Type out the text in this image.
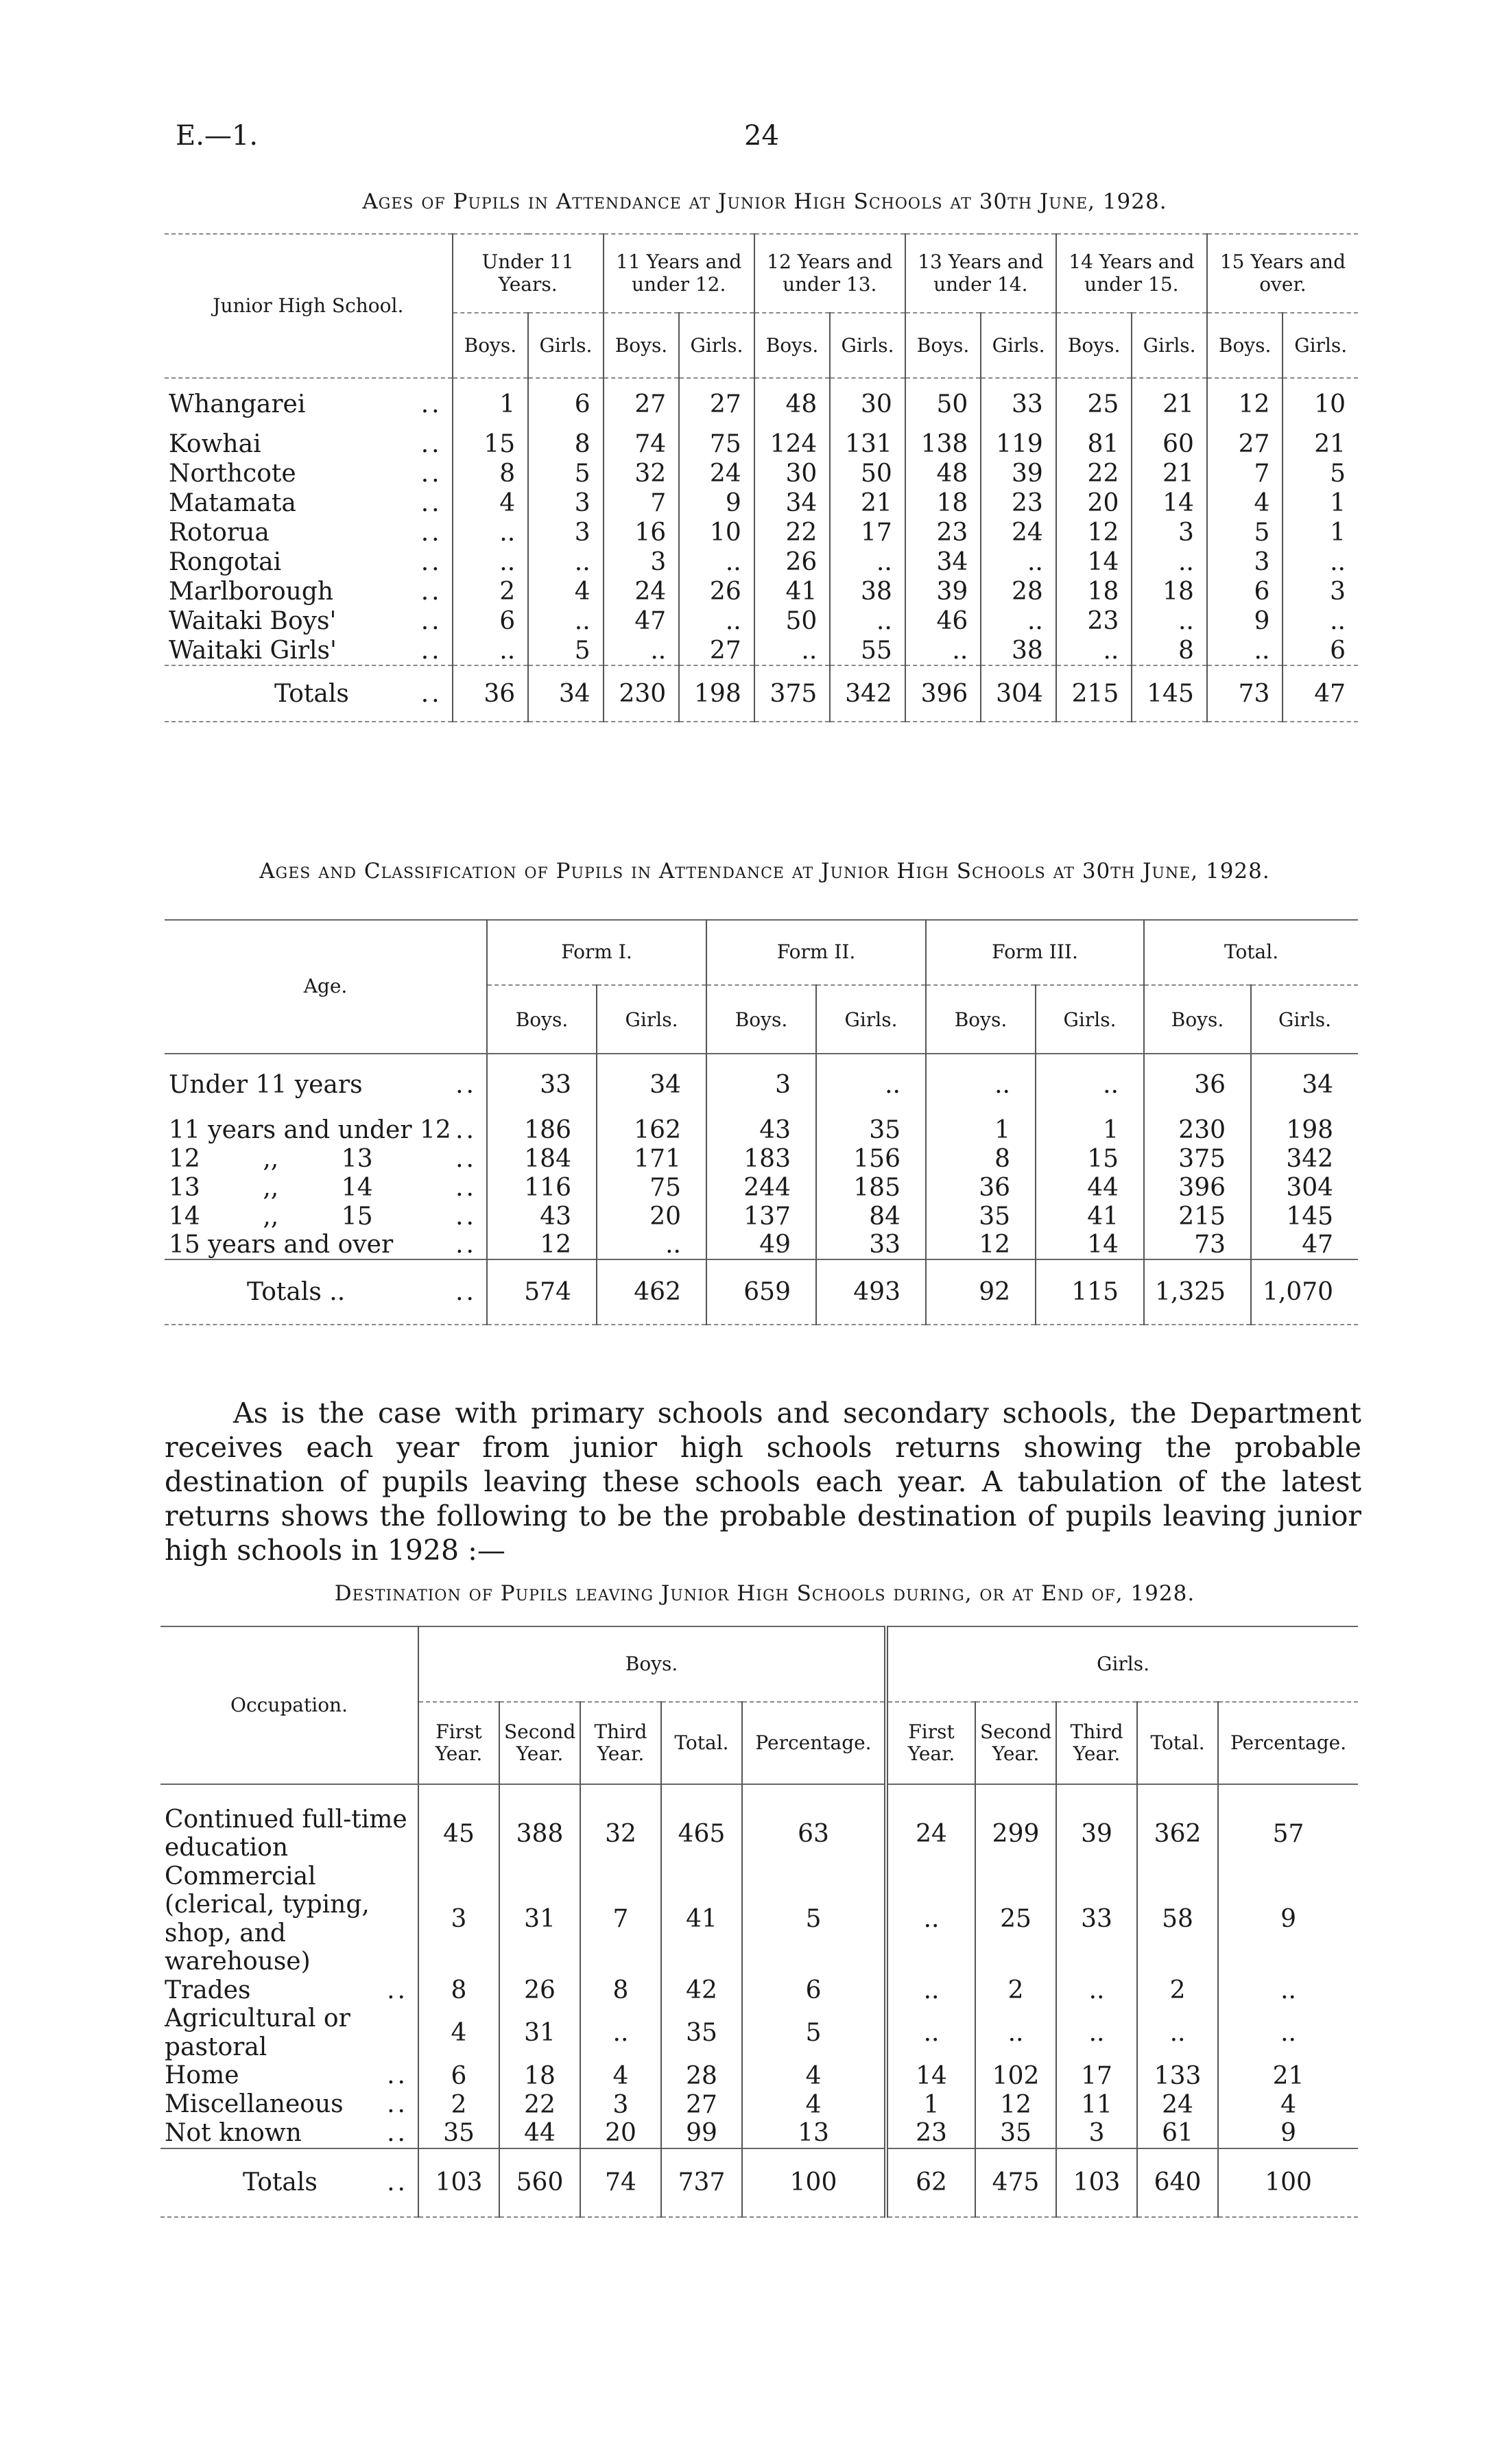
E.—1.	24
Ages of Pupils in Attendance at Junior High Schools at 30th June, 1928.
Junior High School.	Under 11 Years.		11 Years and under 12.		12 Years and under 13.		13 Years and under 14.		14 Years and under 15.		15 Years and over.	
	Boys.	Girls.	Boys.	Girls.	Boys.	Girls.	Boys.	Girls.	Boys.	Girls.	Boys.	Girls.
Whangarei ..	1	6	27	27	48	30	50	33	25	21	12	10
Kowhai ..	15	8	74	75	124	131	138	119	81	60	27	21
Northcote ..	8	5	32	24	30	50	48	39	22	21	7	5
Matamata ..	4	3	7	9	34	21	18	23	20	14	4	1
Rotorua ..	..	3	16	10	22	17	23	24	12	3	5	1
Rongotai ..	..	..	3	..	26	..	34	..	14	..	3	..
Marlborough ..	2	4	24	26	41	38	39	28	18	18	6	3
Waitaki Boys' ..	6	..	47	..	50	..	46	..	23	..	9	..
Waitaki Girls' ..	..	5	..	27	..	55	..	38	..	8	..	6
Totals ..	36	34	230	198	375	342	396	304	215	145	73	47
Ages and Classification of Pupils in Attendance at Junior High Schools at 30th June, 1928.
Age.	Form I.		Form II.		Form III.		Total.	
	Boys.	Girls.	Boys.	Girls.	Boys.	Girls.	Boys.	Girls.
Under 11 years ..	33	34	3	..	..	..	36	34
11 years and under 12 ..	186	162	43	35	1	1	230	198
12        ,,        13 ..	184	171	183	156	8	15	375	342
13        ,,        14 ..	116	75	244	185	36	44	396	304
14        ,,        15 ..	43	20	137	84	35	41	215	145
15 years and over ..	12	..	49	33	12	14	73	47
Totals .. ..	574	462	659	493	92	115	1,325	1,070

As is the case with primary schools and secondary schools, the Department receives each year from junior high schools returns showing the probable destination of pupils leaving these schools each year. A tabulation of the latest returns shows the following to be the probable destination of pupils leaving junior high schools in 1928 :—

Destination of Pupils leaving Junior High Schools during, or at End of, 1928.
Occupation.	Boys.					Girls.				
	First Year.	Second Year.	Third Year.	Total.	Percentage.	First Year.	Second Year.	Third Year.	Total.	Percentage.
Continued full-time education	45	388	32	465	63	24	299	39	362	57
Commercial (clerical, typing, shop, and warehouse)	3	31	7	41	5	..	25	33	58	9
Trades ..	8	26	8	42	6	..	2	..	2	..
Agricultural or pastoral	4	31	..	35	5	..	..	..	..	..
Home ..	6	18	4	28	4	14	102	17	133	21
Miscellaneous ..	2	22	3	27	4	1	12	11	24	4
Not known ..	35	44	20	99	13	23	35	3	61	9
Totals ..	103	560	74	737	100	62	475	103	640	100
